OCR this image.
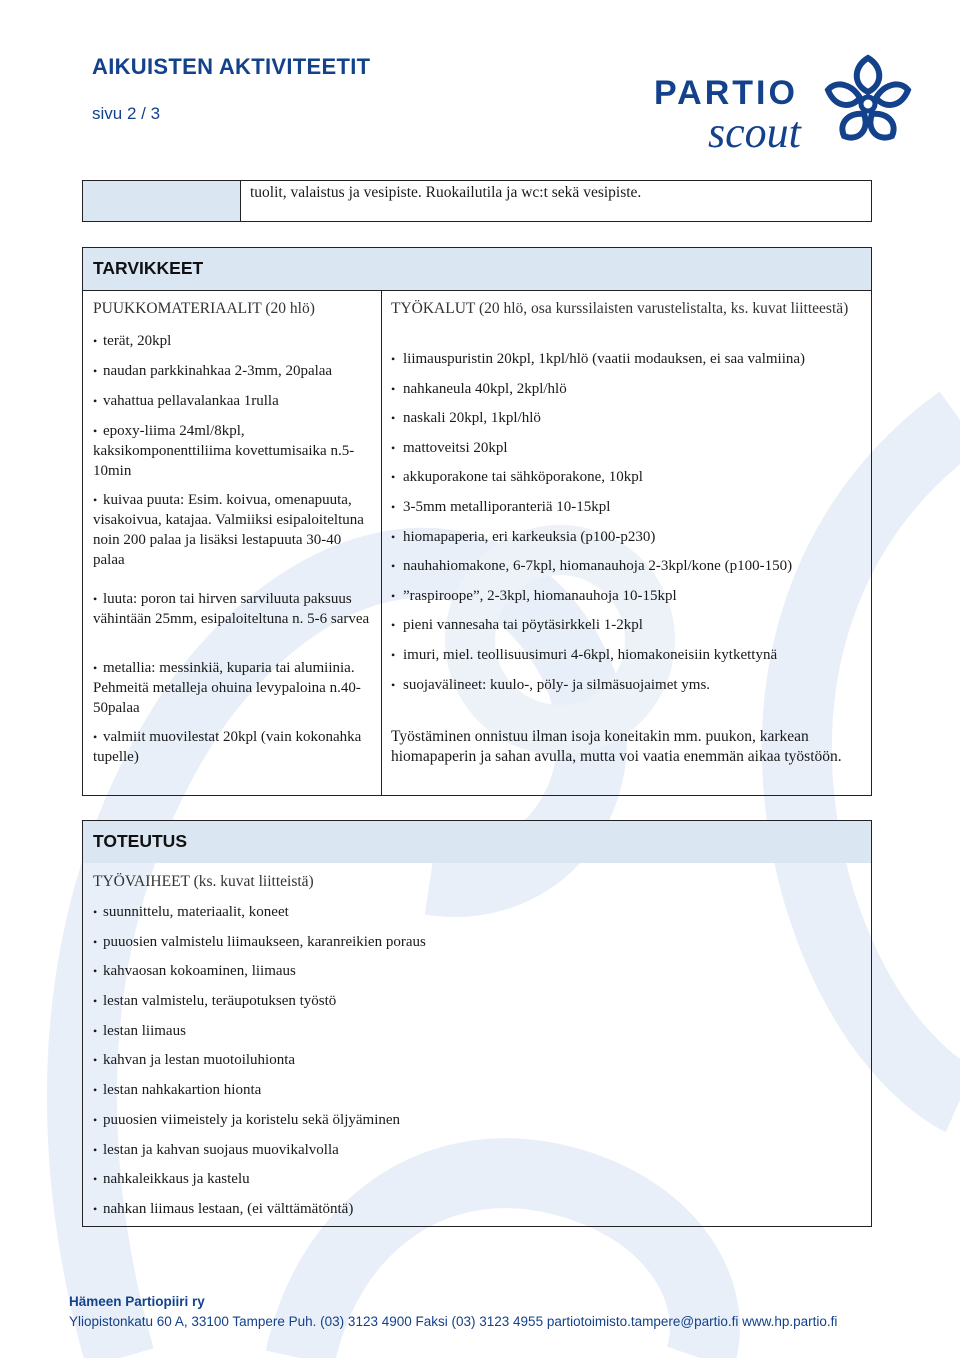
AIKUISTEN AKTIVITEETIT
sivu 2 / 3
PARTIO
scout
tuolit, valaistus ja vesipiste. Ruokailutila ja wc:t sekä vesipiste.
TARVIKKEET
PUUKKOMATERIAALIT (20 hlö)
• terät, 20kpl
• naudan parkkinahkaa 2-3mm, 20palaa
• vahattua pellavalankaa 1rulla
• epoxy-liima 24ml/8kpl, kaksikomponenttiliima kovettumisaika n.5-10min
• kuivaa puuta: Esim. koivua, omenapuuta, visakoivua, katajaa. Valmiiksi esipaloiteltuna noin 200 palaa ja lisäksi lestapuuta 30-40 palaa
• luuta: poron tai hirven sarviluuta paksuus vähintään 25mm, esipaloiteltuna n. 5-6 sarvea
• metallia: messinkiä, kuparia tai alumiinia. Pehmeitä metalleja ohuina levypaloina n.40-50palaa
• valmiit muovilestat 20kpl (vain kokonahka tupelle)
TYÖKALUT (20 hlö, osa kurssilaisten varustelistalta, ks. kuvat liitteestä)
• liimauspuristin 20kpl, 1kpl/hlö (vaatii modauksen, ei saa valmiina)
• nahkaneula 40kpl, 2kpl/hlö
• naskali 20kpl, 1kpl/hlö
• mattoveitsi 20kpl
• akkuporakone tai sähköporakone, 10kpl
• 3-5mm metalliporanteriä 10-15kpl
• hiomapaperia, eri karkeuksia (p100-p230)
• nauhahiomakone, 6-7kpl, hiomanauhoja 2-3kpl/kone (p100-150)
• ”raspiroope”, 2-3kpl, hiomanauhoja 10-15kpl
• pieni vannesaha tai pöytäsirkkeli 1-2kpl
• imuri, miel. teollisuusimuri 4-6kpl, hiomakoneisiin kytkettynä
• suojavälineet: kuulo-, pöly- ja silmäsuojaimet yms.
Työstäminen onnistuu ilman isoja koneitakin mm. puukon, karkean hiomapaperin ja sahan avulla, mutta voi vaatia enemmän aikaa työstöön.
TOTEUTUS
TYÖVAIHEET (ks. kuvat liitteistä)
• suunnittelu, materiaalit, koneet
• puuosien valmistelu liimaukseen, karanreikien poraus
• kahvaosan kokoaminen, liimaus
• lestan valmistelu, teräupotuksen työstö
• lestan liimaus
• kahvan ja lestan muotoiluhionta
• lestan nahkakartion hionta
• puuosien viimeistely ja koristelu sekä öljyäminen
• lestan ja kahvan suojaus muovikalvolla
• nahkaleikkaus ja kastelu
• nahkan liimaus lestaan, (ei välttämätöntä)
Hämeen Partiopiiri ry
Yliopistonkatu 60 A, 33100 Tampere Puh. (03) 3123 4900 Faksi (03) 3123 4955 partiotoimisto.tampere@partio.fi www.hp.partio.fi
